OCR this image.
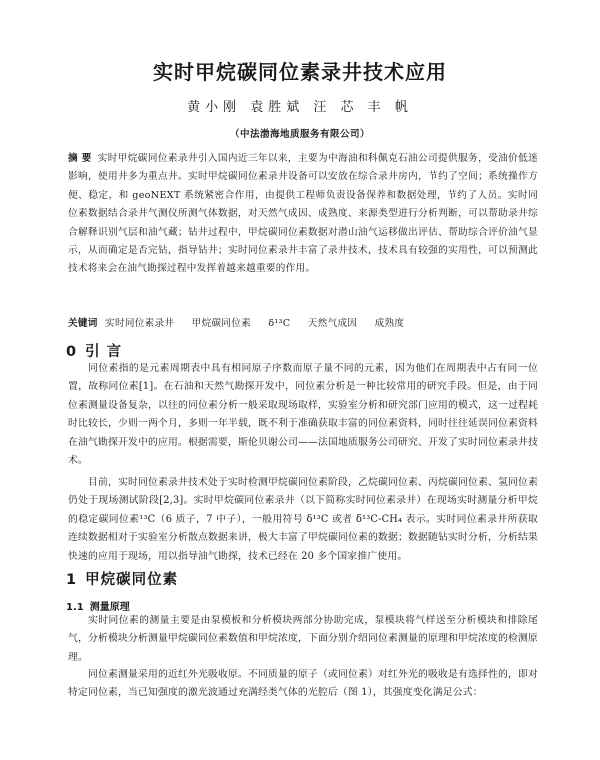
实时甲烷碳同位素录井技术应用
黄小刚 袁胜斌 汪 芯 丰 帆
（中法渤海地质服务有限公司）
摘 要 实时甲烷碳同位素录井引入国内近三年以来，主要为中海油和科佩克石油公司提供服务，受油价低迷影响，使用井多为重点井。实时甲烷碳同位素录井设备可以安放在综合录井房内，节约了空间；系统操作方便、稳定，和 geoNEXT 系统紧密合作用，由提供工程师负责设备保养和数据处理，节约了人员。实时同位素数据结合录井气测仪所测气体数据，对天然气成因、成熟度、来源类型进行分析判断，可以帮助录井综合解释识别气层和油气藏；钻井过程中，甲烷碳同位素数据对潜山油气运移做出评估、帮助综合评价油气显示，从而确定是否完钻，指导钻井；实时同位素录井丰富了录井技术，技术具有较强的实用性，可以预测此技术将来会在油气勘探过程中发挥着越来越重要的作用。
关键词 实时同位素录井 甲烷碳同位素 δ¹³C 天然气成因 成熟度
0 引 言

同位素指的是元素周期表中具有相同原子序数而原子量不同的元素，因为他们在周期表中占有同一位置，故称同位素[1]。在石油和天然气勘探开发中，同位素分析是一种比较常用的研究手段。但是，由于同位素测量设备复杂，以往的同位素分析一般采取现场取样，实验室分析和研究部门应用的模式，这一过程耗时比较长，少则一两个月，多则一年半载，既不利于准确获取丰富的同位素资料，同时往往延误同位素资料在油气勘探开发中的应用。根据需要，斯伦贝谢公司——法国地质服务公司研究、开发了实时同位素录井技术。

目前，实时同位素录井技术处于实时检测甲烷碳同位素阶段，乙烷碳同位素、丙烷碳同位素、氢同位素仍处于现场测试阶段[2,3]。实时甲烷碳同位素录井（以下简称实时同位素录井）在现场实时测量分析甲烷的稳定碳同位素¹³C（6 质子，7 中子），一般用符号 δ¹³C 或者 δ¹³C-CH₄ 表示。实时同位素录井所获取连续数据相对于实验室分析散点数据来讲，极大丰富了甲烷碳同位素的数据；数据随钻实时分析，分析结果快速的应用于现场，用以指导油气勘探，技术已经在 20 多个国家推广使用。

1 甲烷碳同位素
1.1 测量原理

实时同位素的测量主要是由泵模板和分析模块两部分协助完成，泵模块将气样送至分析模块和排除尾气，分析模块分析测量甲烷碳同位素数值和甲烷浓度，下面分别介绍同位素测量的原理和甲烷浓度的检测原理。

同位素测量采用的近红外光吸收原。不同质量的原子（或同位素）对红外光的吸收是有选择性的，即对特定同位素，当已知强度的激光波通过充满经类气体的光腔后（图 1），其强度变化满足公式：
